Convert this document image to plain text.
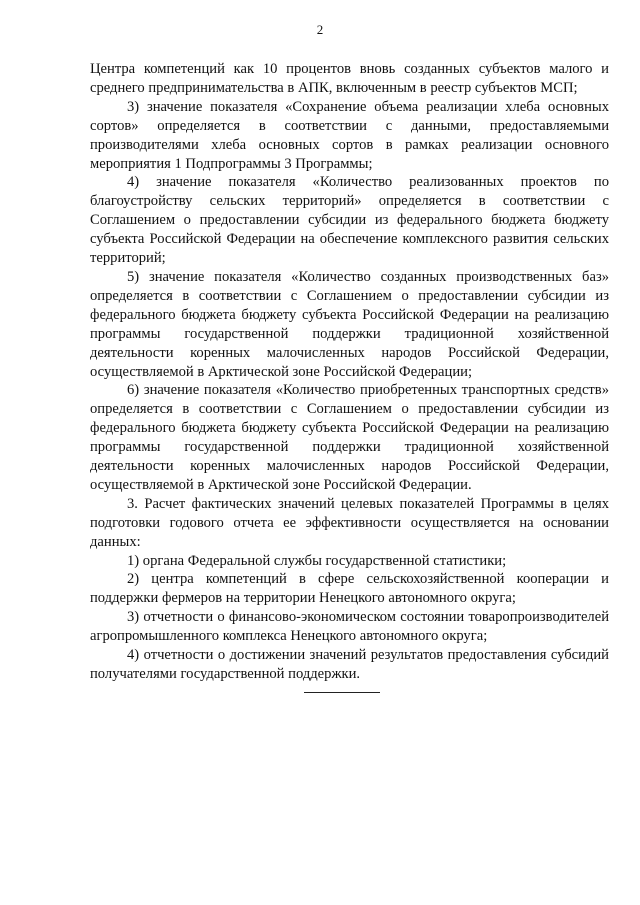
2

Центра компетенций как 10 процентов вновь созданных субъектов малого и среднего предпринимательства в АПК, включенным в реестр субъектов МСП;

3) значение показателя «Сохранение объема реализации хлеба основных сортов» определяется в соответствии с данными, предоставляемыми производителями хлеба основных сортов в рамках реализации основного мероприятия 1 Подпрограммы 3 Программы;

4) значение показателя «Количество реализованных проектов по благоустройству сельских территорий» определяется в соответствии с Соглашением о предоставлении субсидии из федерального бюджета бюджету субъекта Российской Федерации на обеспечение комплексного развития сельских территорий;

5) значение показателя «Количество созданных производственных баз» определяется в соответствии с Соглашением о предоставлении субсидии из федерального бюджета бюджету субъекта Российской Федерации на реализацию программы государственной поддержки традиционной хозяйственной деятельности коренных малочисленных народов Российской Федерации, осуществляемой в Арктической зоне Российской Федерации;

6) значение показателя «Количество приобретенных транспортных средств» определяется в соответствии с Соглашением о предоставлении субсидии из федерального бюджета бюджету субъекта Российской Федерации на реализацию программы государственной поддержки традиционной хозяйственной деятельности коренных малочисленных народов Российской Федерации, осуществляемой в Арктической зоне Российской Федерации.

3. Расчет фактических значений целевых показателей Программы в целях подготовки годового отчета ее эффективности осуществляется на основании данных:

1) органа Федеральной службы государственной статистики;

2) центра компетенций в сфере сельскохозяйственной кооперации и поддержки фермеров на территории Ненецкого автономного округа;

3) отчетности о финансово-экономическом состоянии товаропроизводителей агропромышленного комплекса Ненецкого автономного округа;

4) отчетности о достижении значений результатов предоставления субсидий получателями государственной поддержки.
